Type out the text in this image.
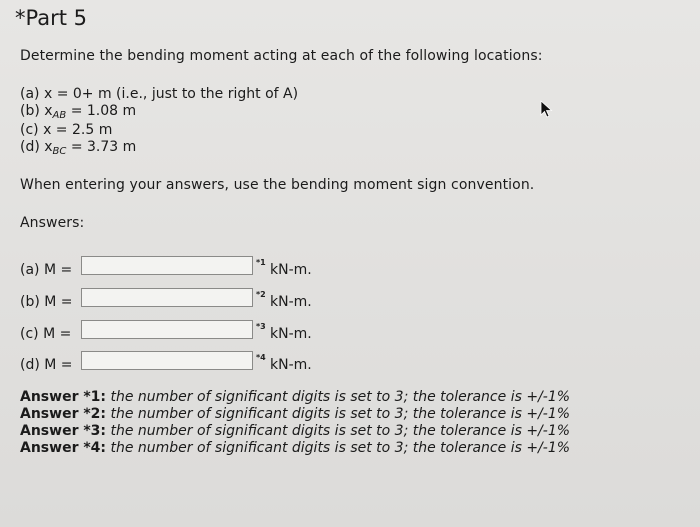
*Part 5
Determine the bending moment acting at each of the following locations:
(a) x = 0+ m (i.e., just to the right of A)
(b) $x_{AB} = 1.08$ m
(c) x = 2.5 m
(d) $x_{BC} = 3.73$ m
When entering your answers, use the bending moment sign convention.
Answers:
(a) M =	*1 kN-m.
(b) M =	*2 kN-m.
(c) M =	*3 kN-m.
(d) M =	*4 kN-m.
Answer *1: the number of significant digits is set to 3; the tolerance is +/-1%
Answer *2: the number of significant digits is set to 3; the tolerance is +/-1%
Answer *3: the number of significant digits is set to 3; the tolerance is +/-1%
Answer *4: the number of significant digits is set to 3; the tolerance is +/-1%
